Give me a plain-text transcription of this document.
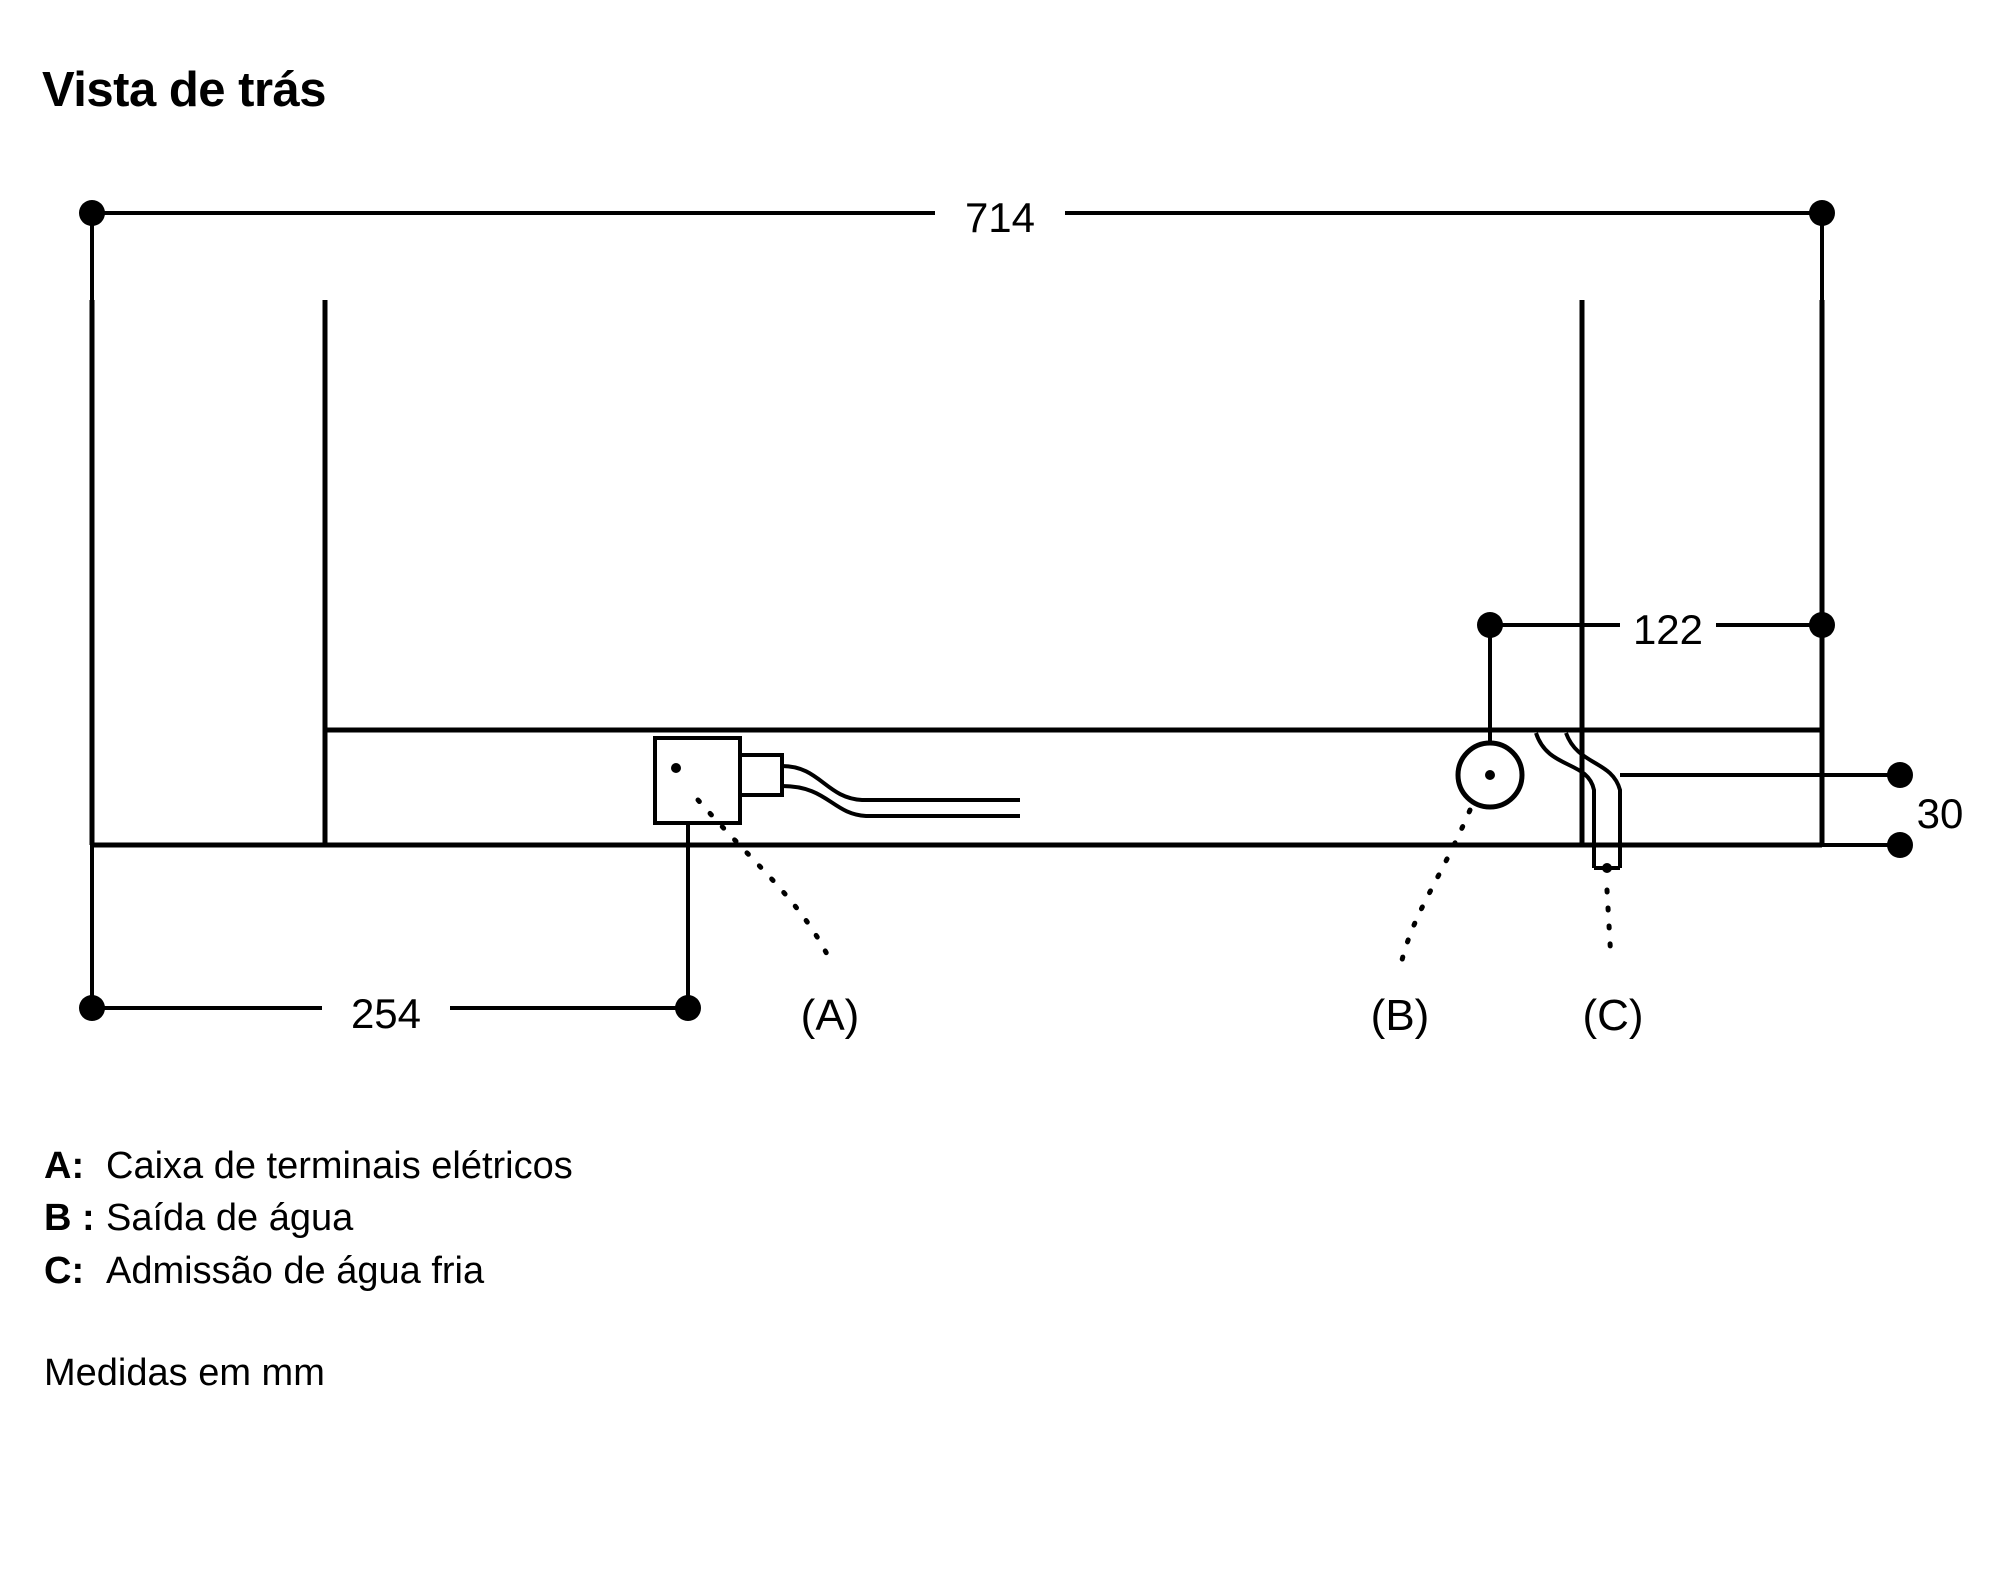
Vista de trás
714
122
30
254	(A)	(B)	(C)
A: Caixa de terminais elétricos
B : Saída de água
C: Admissão de água fria
Medidas em mm
